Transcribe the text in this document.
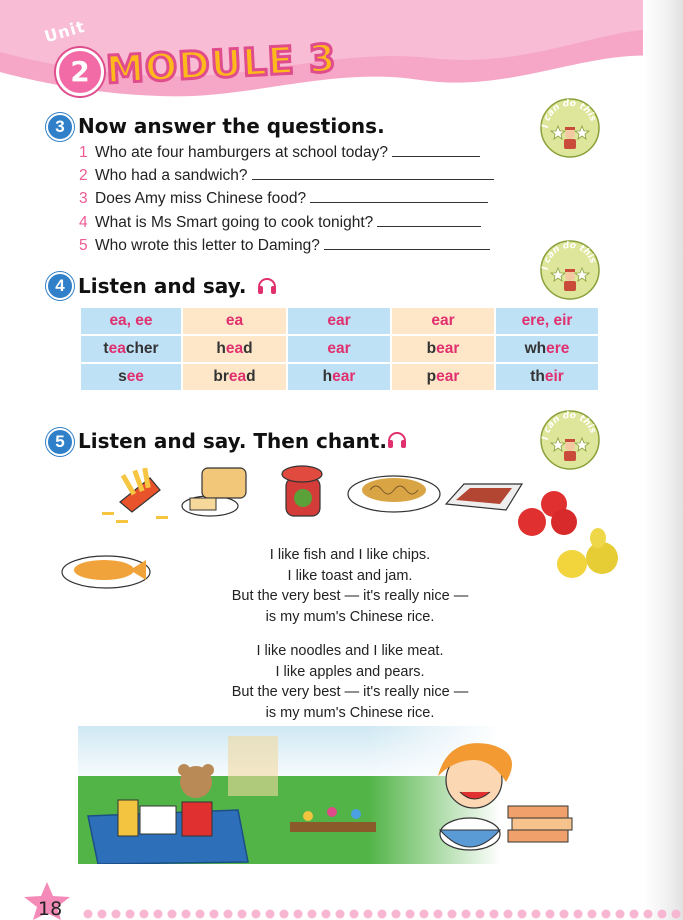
Unit
2 MODULE 3
3 Now answer the questions.	I can do this
1 Who ate four hamburgers at school today?
2 Who had a sandwich?
3 Does Amy miss Chinese food?
4 What is Ms Smart going to cook tonight?
5 Who wrote this letter to Daming?
4 Listen and say.
I can do this
ea, ee	ea	ear	ear	ere, eir
teacher	head	ear	bear	where
see	bread	hear	pear	their
5 Listen and say. Then chant.	I can do this
I like fish and I like chips.
I like toast and jam.
But the very best — it's really nice —
is my mum's Chinese rice.
I like noodles and I like meat.
I like apples and pears.
But the very best — it's really nice —
is my mum's Chinese rice.
18
